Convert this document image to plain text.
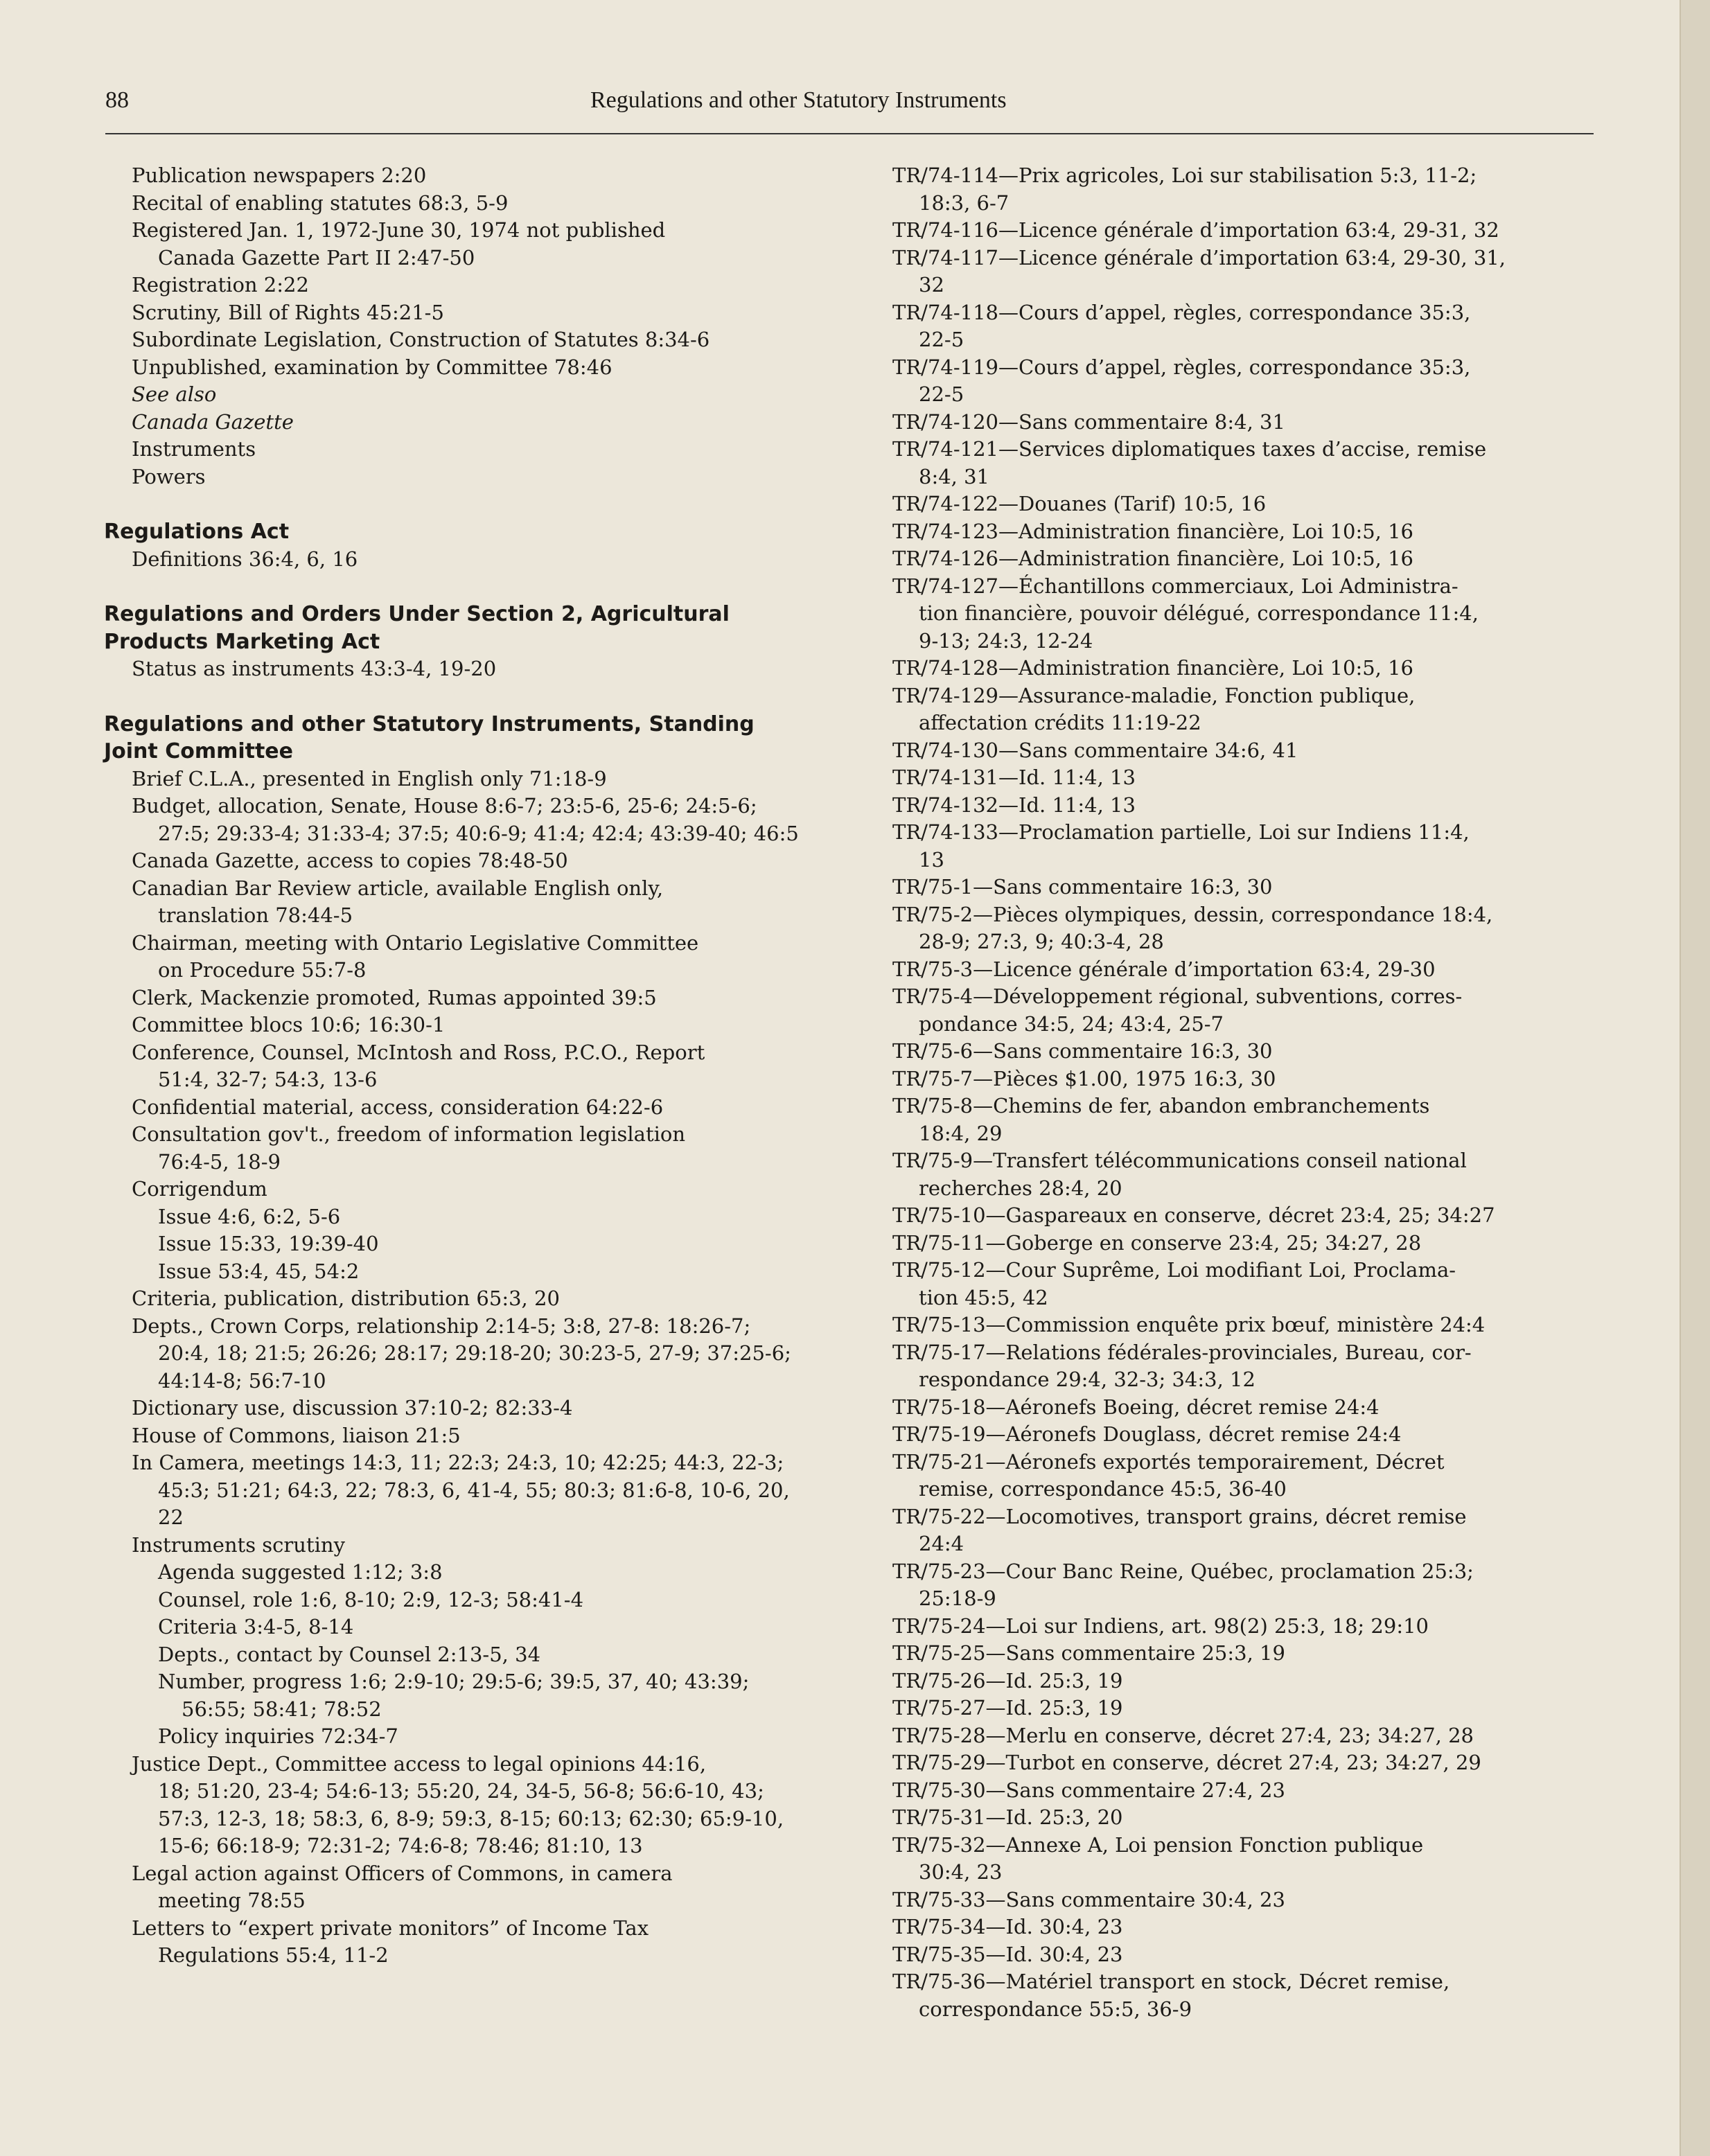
88	Regulations and other Statutory Instruments
Publication newspapers 2:20
Recital of enabling statutes 68:3, 5-9
Registered Jan. 1, 1972-June 30, 1974 not published
Canada Gazette Part II 2:47-50
Registration 2:22
Scrutiny, Bill of Rights 45:21-5
Subordinate Legislation, Construction of Statutes 8:34-6
Unpublished, examination by Committee 78:46
See also
Canada Gazette
Instruments
Powers
Regulations Act
Definitions 36:4, 6, 16
Regulations and Orders Under Section 2, Agricultural
Products Marketing Act
Status as instruments 43:3-4, 19-20
Regulations and other Statutory Instruments, Standing
Joint Committee
Brief C.L.A., presented in English only 71:18-9
Budget, allocation, Senate, House 8:6-7; 23:5-6, 25-6; 24:5-6;
27:5; 29:33-4; 31:33-4; 37:5; 40:6-9; 41:4; 42:4; 43:39-40; 46:5
Canada Gazette, access to copies 78:48-50
Canadian Bar Review article, available English only,
translation 78:44-5
Chairman, meeting with Ontario Legislative Committee
on Procedure 55:7-8
Clerk, Mackenzie promoted, Rumas appointed 39:5
Committee blocs 10:6; 16:30-1
Conference, Counsel, McIntosh and Ross, P.C.O., Report
51:4, 32-7; 54:3, 13-6
Confidential material, access, consideration 64:22-6
Consultation gov't., freedom of information legislation
76:4-5, 18-9
Corrigendum
Issue 4:6, 6:2, 5-6
Issue 15:33, 19:39-40
Issue 53:4, 45, 54:2
Criteria, publication, distribution 65:3, 20
Depts., Crown Corps, relationship 2:14-5; 3:8, 27-8: 18:26-7;
20:4, 18; 21:5; 26:26; 28:17; 29:18-20; 30:23-5, 27-9; 37:25-6;
44:14-8; 56:7-10
Dictionary use, discussion 37:10-2; 82:33-4
House of Commons, liaison 21:5
In Camera, meetings 14:3, 11; 22:3; 24:3, 10; 42:25; 44:3, 22-3;
45:3; 51:21; 64:3, 22; 78:3, 6, 41-4, 55; 80:3; 81:6-8, 10-6, 20,
22
Instruments scrutiny
Agenda suggested 1:12; 3:8
Counsel, role 1:6, 8-10; 2:9, 12-3; 58:41-4
Criteria 3:4-5, 8-14
Depts., contact by Counsel 2:13-5, 34
Number, progress 1:6; 2:9-10; 29:5-6; 39:5, 37, 40; 43:39;
56:55; 58:41; 78:52
Policy inquiries 72:34-7
Justice Dept., Committee access to legal opinions 44:16,
18; 51:20, 23-4; 54:6-13; 55:20, 24, 34-5, 56-8; 56:6-10, 43;
57:3, 12-3, 18; 58:3, 6, 8-9; 59:3, 8-15; 60:13; 62:30; 65:9-10,
15-6; 66:18-9; 72:31-2; 74:6-8; 78:46; 81:10, 13
Legal action against Officers of Commons, in camera
meeting 78:55
Letters to “expert private monitors” of Income Tax
Regulations 55:4, 11-2
TR/74-114—Prix agricoles, Loi sur stabilisation 5:3, 11-2;
18:3, 6-7
TR/74-116—Licence générale d’importation 63:4, 29-31, 32
TR/74-117—Licence générale d’importation 63:4, 29-30, 31,
32
TR/74-118—Cours d’appel, règles, correspondance 35:3,
22-5
TR/74-119—Cours d’appel, règles, correspondance 35:3,
22-5
TR/74-120—Sans commentaire 8:4, 31
TR/74-121—Services diplomatiques taxes d’accise, remise
8:4, 31
TR/74-122—Douanes (Tarif) 10:5, 16
TR/74-123—Administration financière, Loi 10:5, 16
TR/74-126—Administration financière, Loi 10:5, 16
TR/74-127—Échantillons commerciaux, Loi Administra-
tion financière, pouvoir délégué, correspondance 11:4,
9-13; 24:3, 12-24
TR/74-128—Administration financière, Loi 10:5, 16
TR/74-129—Assurance-maladie, Fonction publique,
affectation crédits 11:19-22
TR/74-130—Sans commentaire 34:6, 41
TR/74-131—Id. 11:4, 13
TR/74-132—Id. 11:4, 13
TR/74-133—Proclamation partielle, Loi sur Indiens 11:4,
13
TR/75-1—Sans commentaire 16:3, 30
TR/75-2—Pièces olympiques, dessin, correspondance 18:4,
28-9; 27:3, 9; 40:3-4, 28
TR/75-3—Licence générale d’importation 63:4, 29-30
TR/75-4—Développement régional, subventions, corres-
pondance 34:5, 24; 43:4, 25-7
TR/75-6—Sans commentaire 16:3, 30
TR/75-7—Pièces $1.00, 1975 16:3, 30
TR/75-8—Chemins de fer, abandon embranchements
18:4, 29
TR/75-9—Transfert télécommunications conseil national
recherches 28:4, 20
TR/75-10—Gaspareaux en conserve, décret 23:4, 25; 34:27
TR/75-11—Goberge en conserve 23:4, 25; 34:27, 28
TR/75-12—Cour Suprême, Loi modifiant Loi, Proclama-
tion 45:5, 42
TR/75-13—Commission enquête prix bœuf, ministère 24:4
TR/75-17—Relations fédérales-provinciales, Bureau, cor-
respondance 29:4, 32-3; 34:3, 12
TR/75-18—Aéronefs Boeing, décret remise 24:4
TR/75-19—Aéronefs Douglass, décret remise 24:4
TR/75-21—Aéronefs exportés temporairement, Décret
remise, correspondance 45:5, 36-40
TR/75-22—Locomotives, transport grains, décret remise
24:4
TR/75-23—Cour Banc Reine, Québec, proclamation 25:3;
25:18-9
TR/75-24—Loi sur Indiens, art. 98(2) 25:3, 18; 29:10
TR/75-25—Sans commentaire 25:3, 19
TR/75-26—Id. 25:3, 19
TR/75-27—Id. 25:3, 19
TR/75-28—Merlu en conserve, décret 27:4, 23; 34:27, 28
TR/75-29—Turbot en conserve, décret 27:4, 23; 34:27, 29
TR/75-30—Sans commentaire 27:4, 23
TR/75-31—Id. 25:3, 20
TR/75-32—Annexe A, Loi pension Fonction publique
30:4, 23
TR/75-33—Sans commentaire 30:4, 23
TR/75-34—Id. 30:4, 23
TR/75-35—Id. 30:4, 23
TR/75-36—Matériel transport en stock, Décret remise,
correspondance 55:5, 36-9
